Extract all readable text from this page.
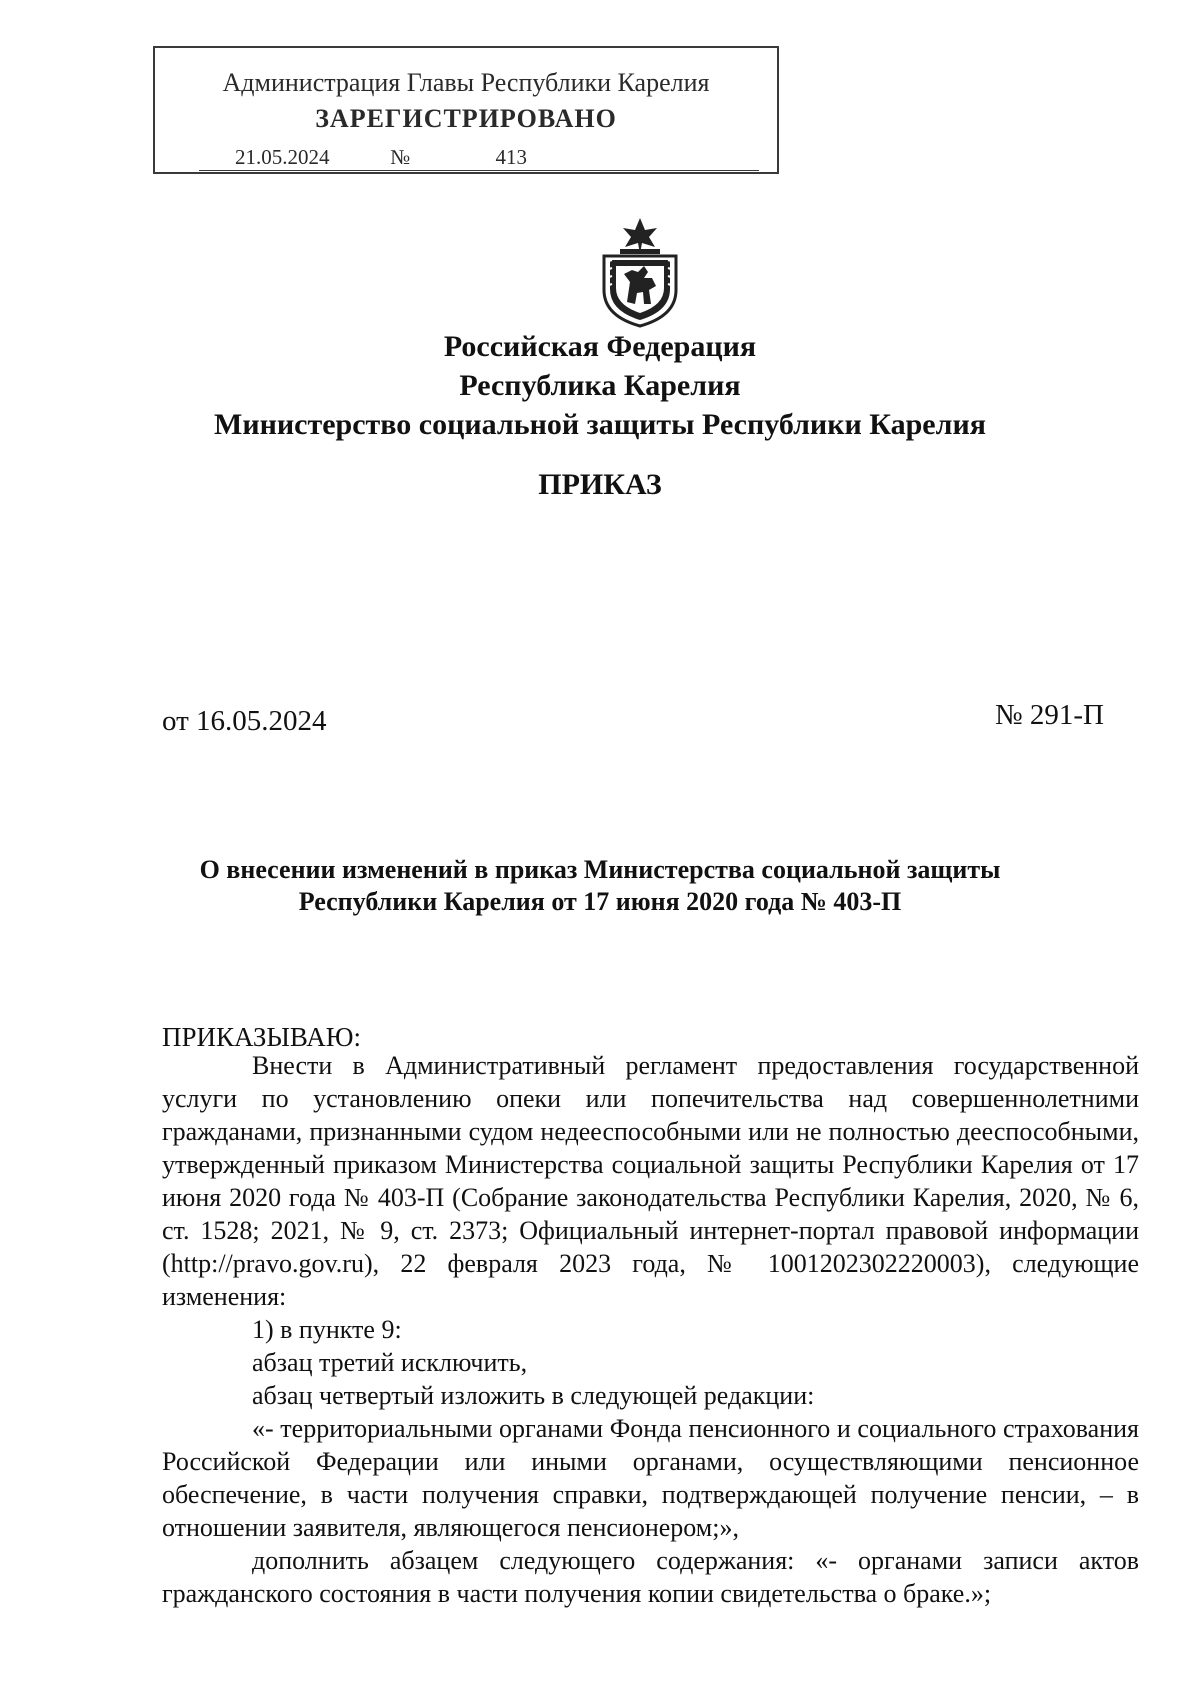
Администрация Главы Республики Карелия
ЗАРЕГИСТРИРОВАНО
21.05.2024	№	413
Российская Федерация
Республика Карелия
Министерство социальной защиты Республики Карелия
ПРИКАЗ
от 16.05.2024	№ 291-П
О внесении изменений в приказ Министерства социальной защиты
Республики Карелия от 17 июня 2020 года № 403-П
ПРИКАЗЫВАЮ:

Внести в Административный регламент предоставления государственной услуги по установлению опеки или попечительства над совершеннолетними гражданами, признанными судом недееспособными или не полностью дееспособными, утвержденный приказом Министерства социальной защиты Республики Карелия от 17 июня 2020 года № 403-П (Собрание законодательства Республики Карелия, 2020, № 6, ст. 1528; 2021, № 9, ст. 2373; Официальный интернет-портал правовой информации (http://pravo.gov.ru), 22 февраля 2023 года, № 1001202302220003), следующие изменения:

1) в пункте 9:

абзац третий исключить,

абзац четвертый изложить в следующей редакции:

«- территориальными органами Фонда пенсионного и социального страхования Российской Федерации или иными органами, осуществляющими пенсионное обеспечение, в части получения справки, подтверждающей получение пенсии, – в отношении заявителя, являющегося пенсионером;»,

дополнить абзацем следующего содержания: «- органами записи актов гражданского состояния в части получения копии свидетельства о браке.»;
